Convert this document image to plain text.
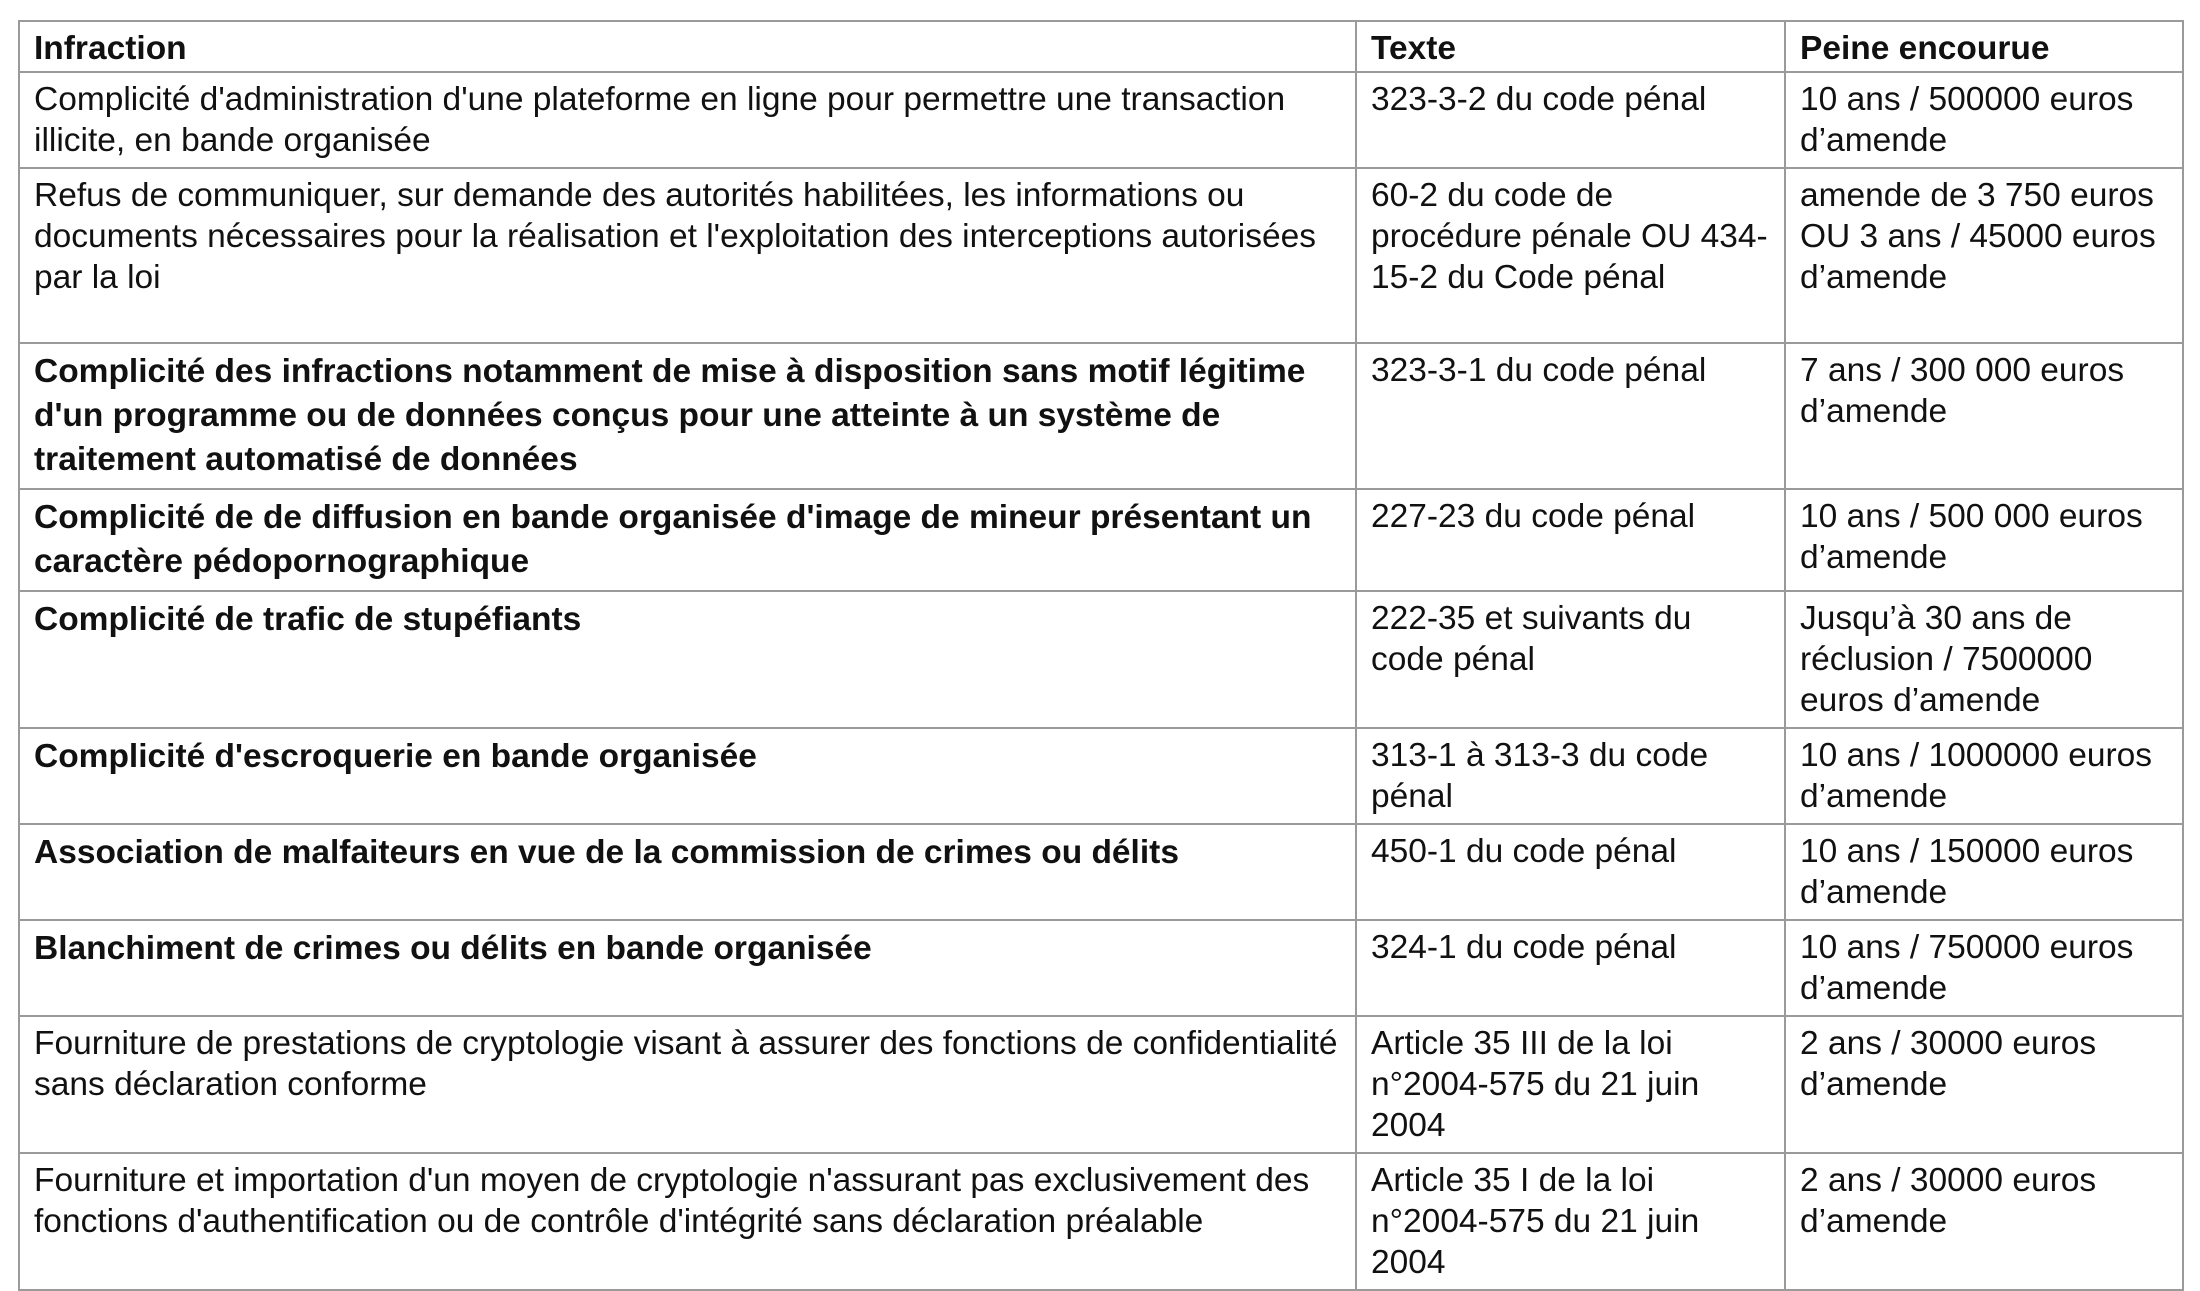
Infraction	Texte	Peine encourue
Complicité d'administration d'une plateforme en ligne pour permettre une transaction illicite, en bande organisée	323-3-2 du code pénal	10 ans / 500000 euros d’amende
Refus de communiquer, sur demande des autorités habilitées, les informations ou documents nécessaires pour la réalisation et l'exploitation des interceptions autorisées par la loi	60-2 du code de procédure pénale OU 434-15-2 du Code pénal	amende de 3 750 euros OU 3 ans / 45000 euros d’amende
Complicité des infractions notamment de mise à disposition sans motif légitime d'un programme ou de données conçus pour une atteinte à un système de traitement automatisé de données	323-3-1 du code pénal	7 ans / 300 000 euros d’amende
Complicité de de diffusion en bande organisée d'image de mineur présentant un caractère pédopornographique	227-23 du code pénal	10 ans / 500 000 euros d’amende
Complicité de trafic de stupéfiants	222-35 et suivants du code pénal	Jusqu’à 30 ans de réclusion / 7500000 euros d’amende
Complicité d'escroquerie en bande organisée	313-1 à 313-3 du code pénal	10 ans / 1000000 euros d’amende
Association de malfaiteurs en vue de la commission de crimes ou délits	450-1 du code pénal	10 ans / 150000 euros d’amende
Blanchiment de crimes ou délits en bande organisée	324-1 du code pénal	10 ans / 750000 euros d’amende
Fourniture de prestations de cryptologie visant à assurer des fonctions de confidentialité sans déclaration conforme	Article 35 III de la loi n°2004-575 du 21 juin 2004	2 ans / 30000 euros d’amende
Fourniture et importation d'un moyen de cryptologie n'assurant pas exclusivement des fonctions d'authentification ou de contrôle d'intégrité sans déclaration préalable	Article 35 I de la loi n°2004-575 du 21 juin 2004	2 ans / 30000 euros d’amende
